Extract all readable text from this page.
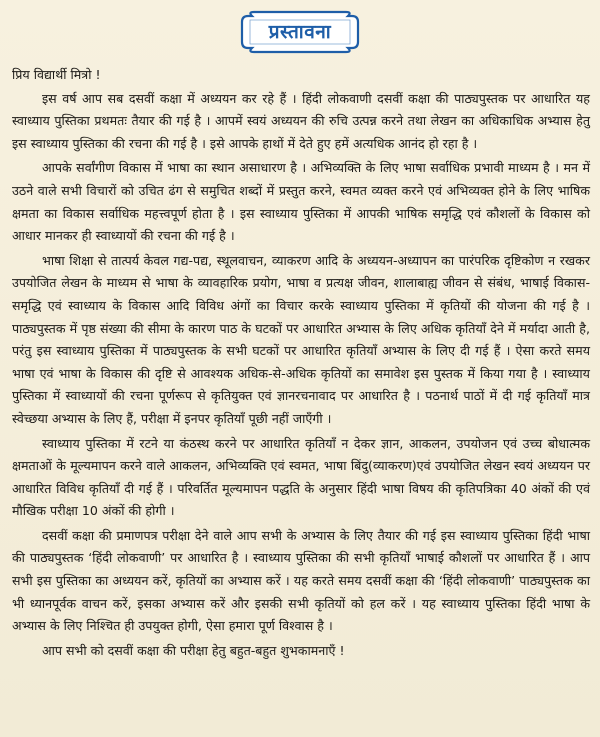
प्रस्तावना

प्रिय विद्यार्थी मित्रो !

इस वर्ष आप सब दसवीं कक्षा में अध्ययन कर रहे हैं । हिंदी लोकवाणी दसवीं कक्षा की पाठ्यपुस्तक पर आधारित यह स्वाध्याय पुस्तिका प्रथमतः तैयार की गई है । आपमें स्वयं अध्ययन की रुचि उत्पन्न करने तथा लेखन का अधिकाधिक अभ्यास हेतु इस स्वाध्याय पुस्तिका की रचना की गई है । इसे आपके हाथों में देते हुए हमें अत्यधिक आनंद हो रहा है ।

आपके सर्वांगीण विकास में भाषा का स्थान असाधारण है । अभिव्यक्ति के लिए भाषा सर्वाधिक प्रभावी माध्यम है । मन में उठने वाले सभी विचारों को उचित ढंग से समुचित शब्दों में प्रस्तुत करने, स्वमत व्यक्त करने एवं अभिव्यक्त होने के लिए भाषिक क्षमता का विकास सर्वाधिक महत्त्वपूर्ण होता है । इस स्वाध्याय पुस्तिका में आपकी भाषिक समृद्धि एवं कौशलों के विकास को आधार मानकर ही स्वाध्यायों की रचना की गई है ।

भाषा शिक्षा से तात्पर्य केवल गद्य-पद्य, स्थूलवाचन, व्याकरण आदि के अध्ययन-अध्यापन का पारंपरिक दृष्टिकोण न रखकर उपयोजित लेखन के माध्यम से भाषा के व्यावहारिक प्रयोग, भाषा व प्रत्यक्ष जीवन, शालाबाह्य जीवन से संबंध, भाषाई विकास-समृद्धि एवं स्वाध्याय के विकास आदि विविध अंगों का विचार करके स्वाध्याय पुस्तिका में कृतियों की योजना की गई है । पाठ्यपुस्तक में पृष्ठ संख्या की सीमा के कारण पाठ के घटकों पर आधारित अभ्यास के लिए अधिक कृतियाँ देने में मर्यादा आती है, परंतु इस स्वाध्याय पुस्तिका में पाठ्यपुस्तक के सभी घटकों पर आधारित कृतियाँ अभ्यास के लिए दी गई हैं । ऐसा करते समय भाषा एवं भाषा के विकास की दृष्टि से आवश्यक अधिक-से-अधिक कृतियों का समावेश इस पुस्तक में किया गया है । स्वाध्याय पुस्तिका में स्वाध्यायों की रचना पूर्णरूप से कृतियुक्त एवं ज्ञानरचनावाद पर आधारित है । पठनार्थ पाठों में दी गई कृतियाँ मात्र स्वेच्छया अभ्यास के लिए हैं, परीक्षा में इनपर कृतियाँ पूछी नहीं जाएँगी ।

स्वाध्याय पुस्तिका में रटने या कंठस्थ करने पर आधारित कृतियाँ न देकर ज्ञान, आकलन, उपयोजन एवं उच्च बोधात्मक क्षमताओं के मूल्यमापन करने वाले आकलन, अभिव्यक्ति एवं स्वमत, भाषा बिंदु(व्याकरण)एवं उपयोजित लेखन स्वयं अध्ययन पर आधारित विविध कृतियाँ दी गई हैं । परिवर्तित मूल्यमापन पद्धति के अनुसार हिंदी भाषा विषय की कृतिपत्रिका 40 अंकों की एवं मौखिक परीक्षा 10 अंकों की होगी ।

दसवीं कक्षा की प्रमाणपत्र परीक्षा देने वाले आप सभी के अभ्यास के लिए तैयार की गई इस स्वाध्याय पुस्तिका हिंदी भाषा की पाठ्यपुस्तक ‘हिंदी लोकवाणी’ पर आधारित है । स्वाध्याय पुस्तिका की सभी कृतियाँ भाषाई कौशलों पर आधारित हैं । आप सभी इस पुस्तिका का अध्ययन करें, कृतियों का अभ्यास करें । यह करते समय दसवीं कक्षा की ‘हिंदी लोकवाणी’ पाठ्यपुस्तक का भी ध्यानपूर्वक वाचन करें, इसका अभ्यास करें और इसकी सभी कृतियों को हल करें । यह स्वाध्याय पुस्तिका हिंदी भाषा के अभ्यास के लिए निश्चित ही उपयुक्त होगी, ऐसा हमारा पूर्ण विश्वास है ।

आप सभी को दसवीं कक्षा की परीक्षा हेतु बहुत-बहुत शुभकामनाएँ !
